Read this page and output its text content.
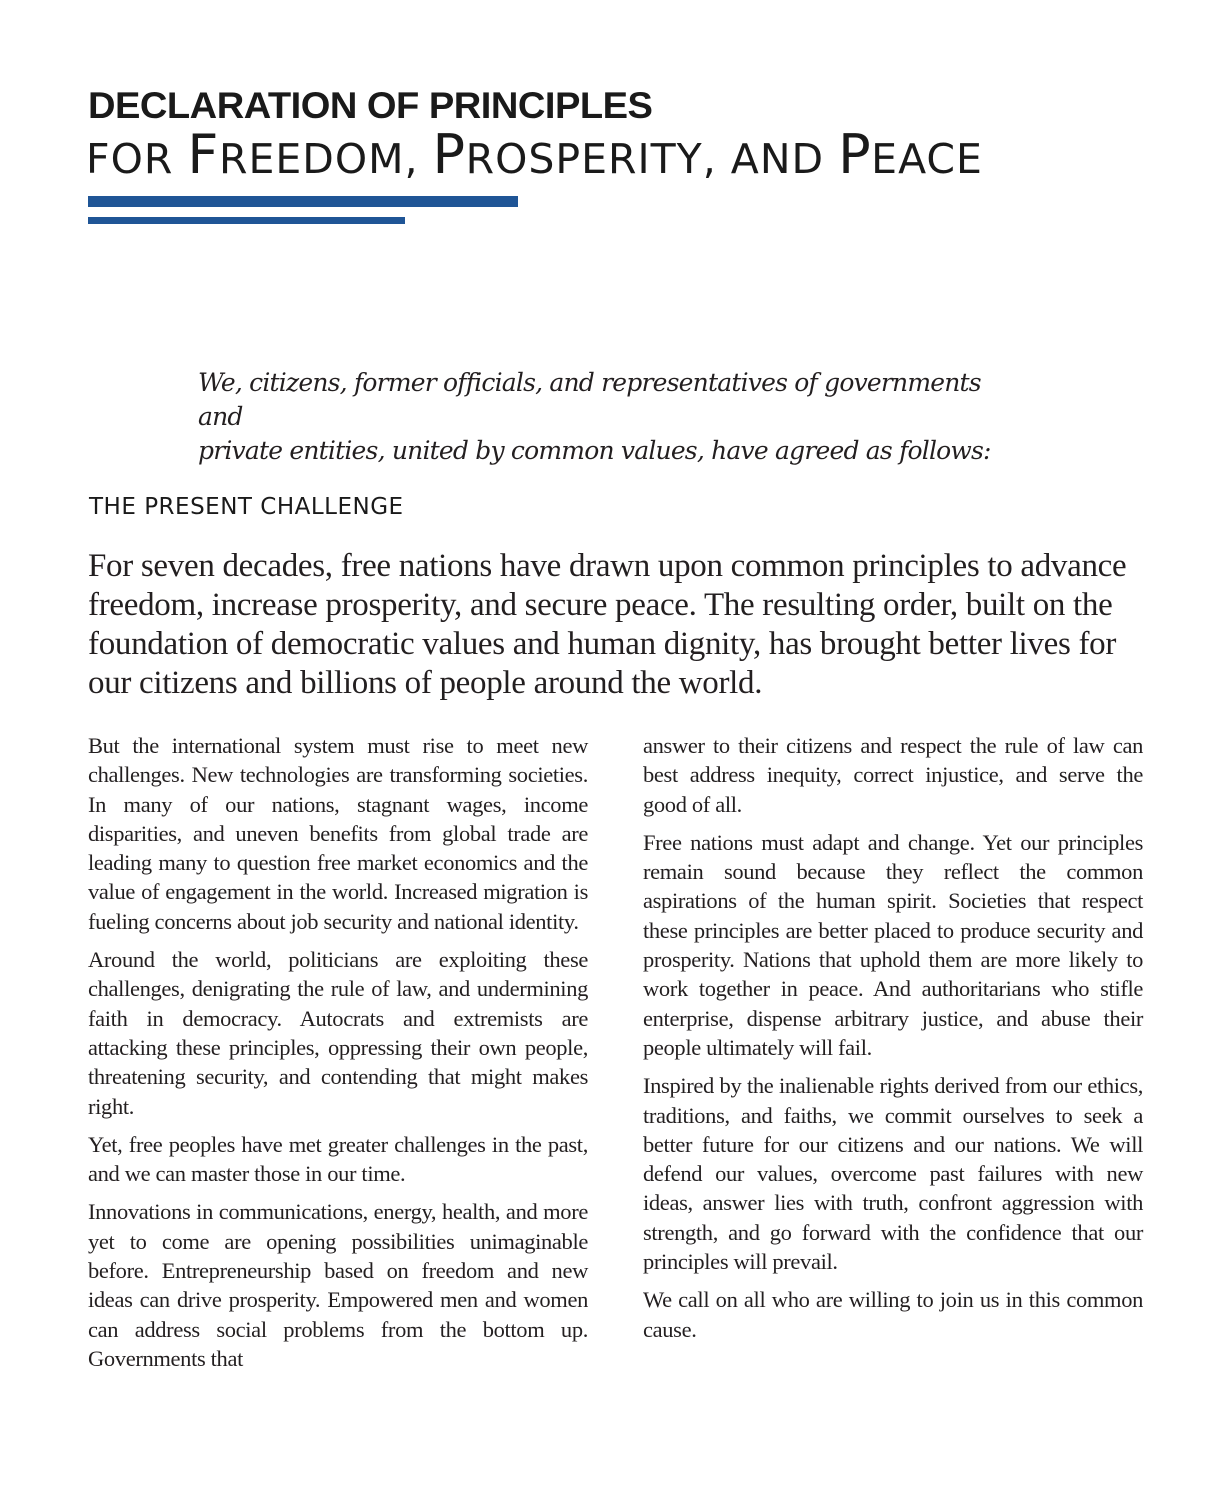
DECLARATION OF PRINCIPLES
FOR FREEDOM, PROSPERITY, AND PEACE
We, citizens, former officials, and representatives of governments and
private entities, united by common values, have agreed as follows:
THE PRESENT CHALLENGE
For seven decades, free nations have drawn upon common principles to advance freedom, increase prosperity, and secure peace. The resulting order, built on the foundation of democratic values and human dignity, has brought better lives for our citizens and billions of people around the world.

But the international system must rise to meet new challenges. New technologies are transforming societies. In many of our nations, stagnant wages, income disparities, and uneven benefits from global trade are leading many to question free market economics and the value of engagement in the world. Increased migration is fueling concerns about job security and national identity.

Around the world, politicians are exploiting these challenges, denigrating the rule of law, and undermining faith in democracy. Autocrats and extremists are attacking these principles, oppressing their own people, threatening security, and contending that might makes right.

Yet, free peoples have met greater challenges in the past, and we can master those in our time.

Innovations in communications, energy, health, and more yet to come are opening possibilities unimaginable before. Entrepreneurship based on freedom and new ideas can drive prosperity. Empowered men and women can address social problems from the bottom up. Governments that

answer to their citizens and respect the rule of law can best address inequity, correct injustice, and serve the good of all.

Free nations must adapt and change. Yet our principles remain sound because they reflect the common aspirations of the human spirit. Societies that respect these principles are better placed to produce security and prosperity. Nations that uphold them are more likely to work together in peace. And authoritarians who stifle enterprise, dispense arbitrary justice, and abuse their people ultimately will fail.

Inspired by the inalienable rights derived from our ethics, traditions, and faiths, we commit ourselves to seek a better future for our citizens and our nations. We will defend our values, overcome past failures with new ideas, answer lies with truth, confront aggression with strength, and go forward with the confidence that our principles will prevail.

We call on all who are willing to join us in this common cause.
